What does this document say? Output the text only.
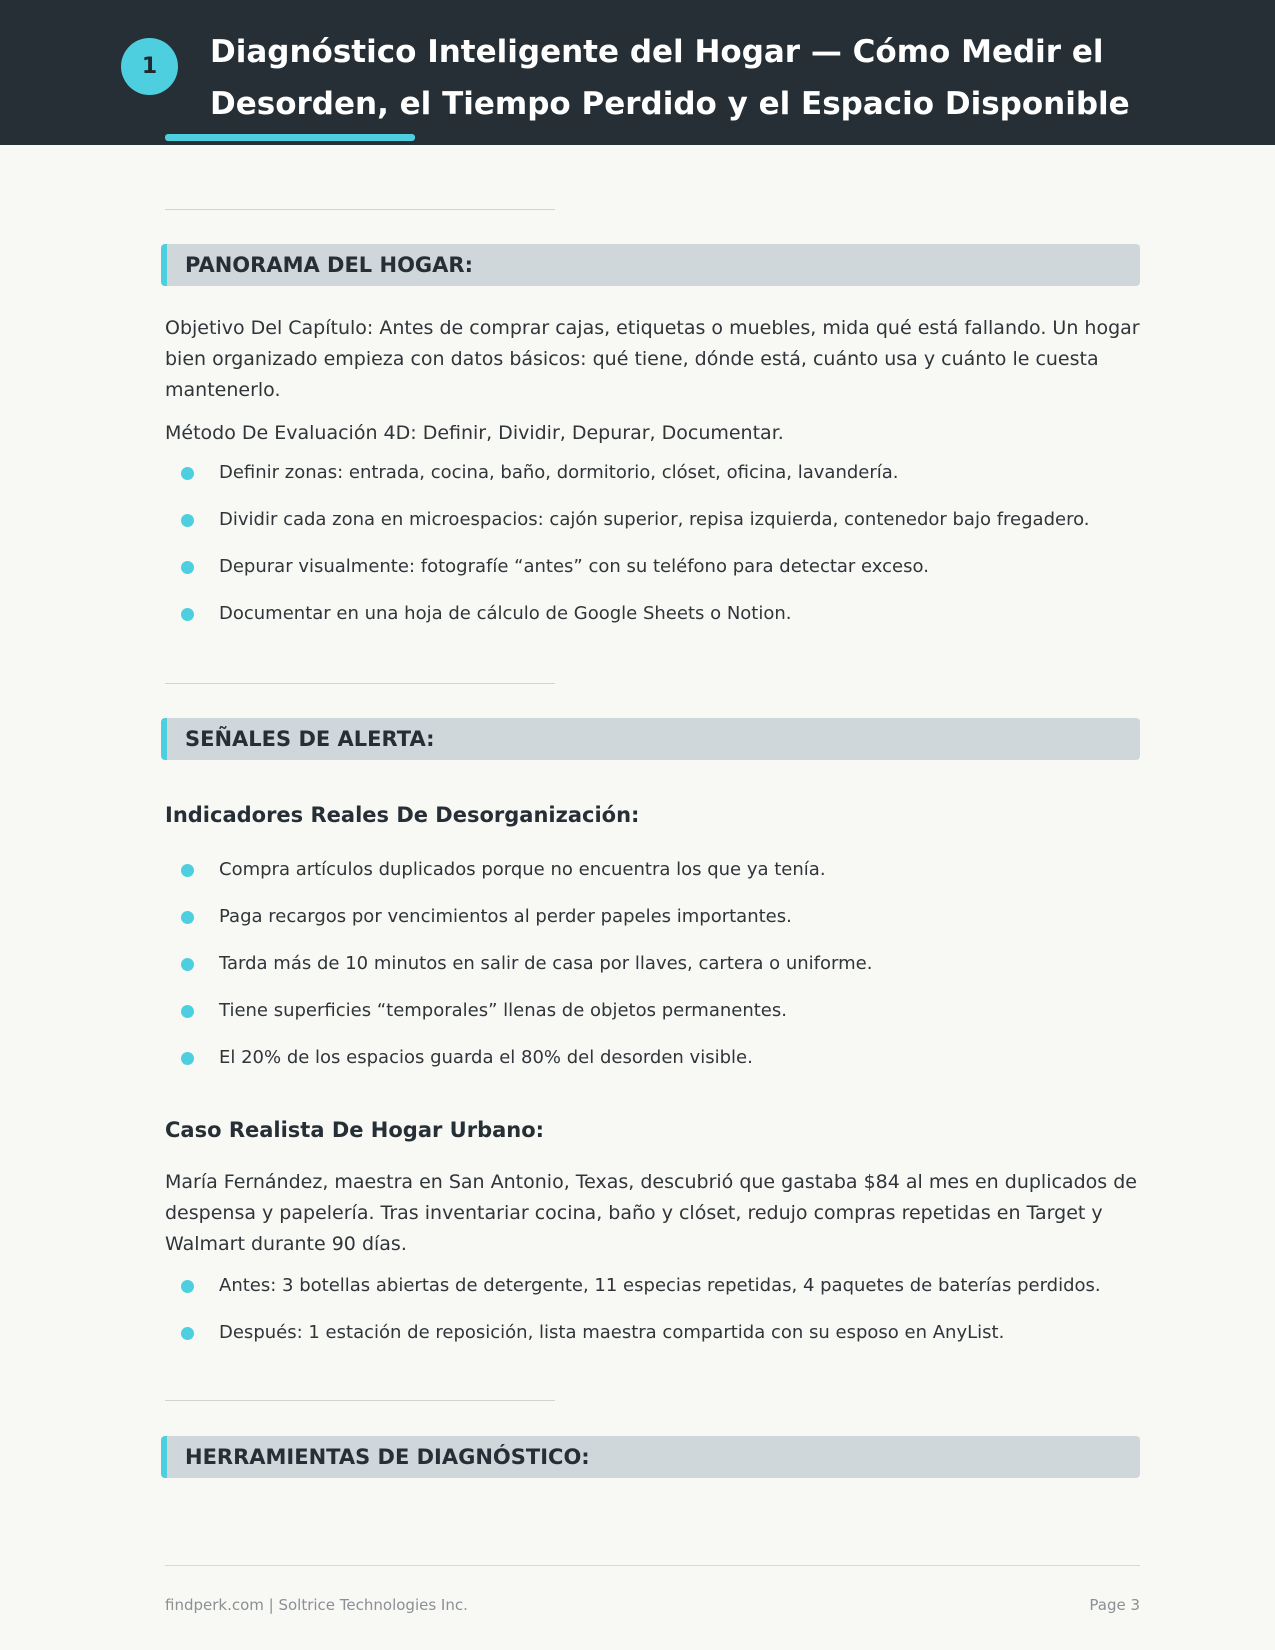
1	Diagnóstico Inteligente del Hogar — Cómo Medir el Desorden, el Tiempo Perdido y el Espacio Disponible
PANORAMA DEL HOGAR:

Objetivo Del Capítulo: Antes de comprar cajas, etiquetas o muebles, mida qué está fallando. Un hogar bien organizado empieza con datos básicos: qué tiene, dónde está, cuánto usa y cuánto le cuesta mantenerlo.

Método De Evaluación 4D: Definir, Dividir, Depurar, Documentar.

Definir zonas: entrada, cocina, baño, dormitorio, clóset, oficina, lavandería.
Dividir cada zona en microespacios: cajón superior, repisa izquierda, contenedor bajo fregadero.
Depurar visualmente: fotografíe “antes” con su teléfono para detectar exceso.
Documentar en una hoja de cálculo de Google Sheets o Notion.
SEÑALES DE ALERTA:
Indicadores Reales De Desorganización:
Compra artículos duplicados porque no encuentra los que ya tenía.
Paga recargos por vencimientos al perder papeles importantes.
Tarda más de 10 minutos en salir de casa por llaves, cartera o uniforme.
Tiene superficies “temporales” llenas de objetos permanentes.
El 20% de los espacios guarda el 80% del desorden visible.
Caso Realista De Hogar Urbano:

María Fernández, maestra en San Antonio, Texas, descubrió que gastaba $84 al mes en duplicados de despensa y papelería. Tras inventariar cocina, baño y clóset, redujo compras repetidas en Target y Walmart durante 90 días.

Antes: 3 botellas abiertas de detergente, 11 especias repetidas, 4 paquetes de baterías perdidos.
Después: 1 estación de reposición, lista maestra compartida con su esposo en AnyList.
HERRAMIENTAS DE DIAGNÓSTICO:
findperk.com | Soltrice Technologies Inc.	Page 3
